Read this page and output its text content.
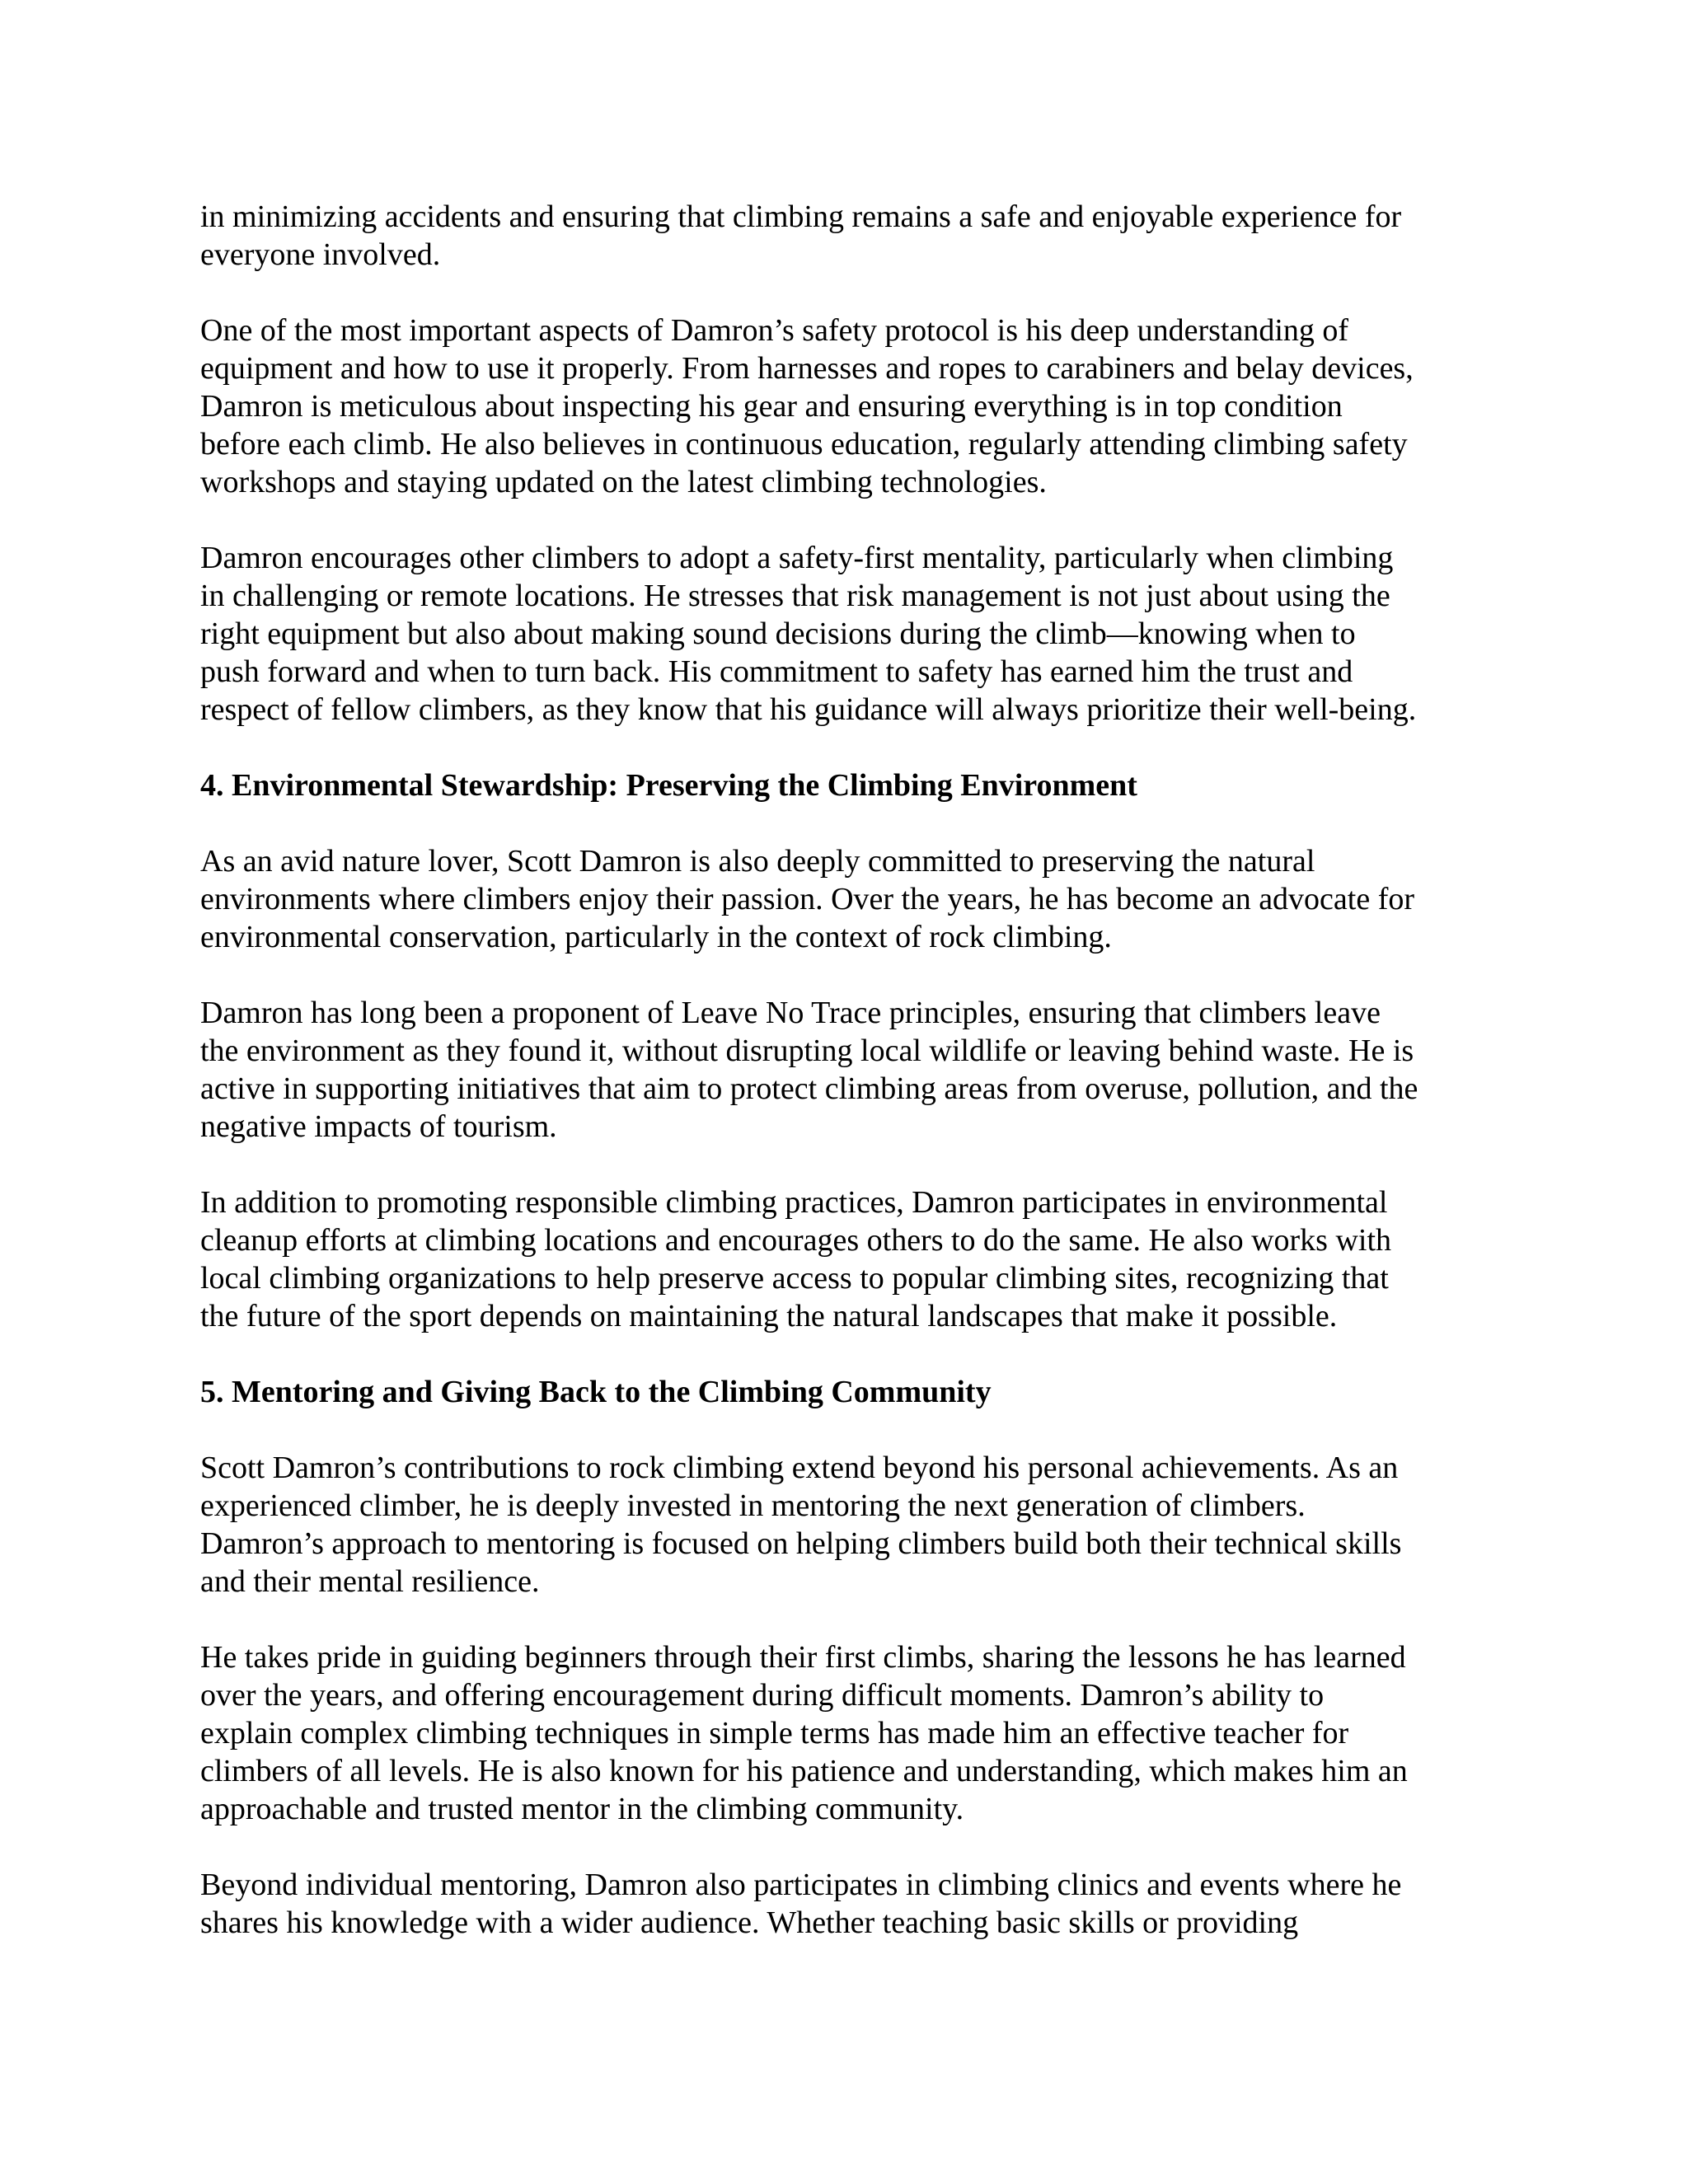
in minimizing accidents and ensuring that climbing remains a safe and enjoyable experience for
everyone involved.

One of the most important aspects of Damron’s safety protocol is his deep understanding of
equipment and how to use it properly. From harnesses and ropes to carabiners and belay devices,
Damron is meticulous about inspecting his gear and ensuring everything is in top condition
before each climb. He also believes in continuous education, regularly attending climbing safety
workshops and staying updated on the latest climbing technologies.

Damron encourages other climbers to adopt a safety-first mentality, particularly when climbing
in challenging or remote locations. He stresses that risk management is not just about using the
right equipment but also about making sound decisions during the climb—knowing when to
push forward and when to turn back. His commitment to safety has earned him the trust and
respect of fellow climbers, as they know that his guidance will always prioritize their well-being.

4. Environmental Stewardship: Preserving the Climbing Environment

As an avid nature lover, Scott Damron is also deeply committed to preserving the natural
environments where climbers enjoy their passion. Over the years, he has become an advocate for
environmental conservation, particularly in the context of rock climbing.

Damron has long been a proponent of Leave No Trace principles, ensuring that climbers leave
the environment as they found it, without disrupting local wildlife or leaving behind waste. He is
active in supporting initiatives that aim to protect climbing areas from overuse, pollution, and the
negative impacts of tourism.

In addition to promoting responsible climbing practices, Damron participates in environmental
cleanup efforts at climbing locations and encourages others to do the same. He also works with
local climbing organizations to help preserve access to popular climbing sites, recognizing that
the future of the sport depends on maintaining the natural landscapes that make it possible.

5. Mentoring and Giving Back to the Climbing Community

Scott Damron’s contributions to rock climbing extend beyond his personal achievements. As an
experienced climber, he is deeply invested in mentoring the next generation of climbers.
Damron’s approach to mentoring is focused on helping climbers build both their technical skills
and their mental resilience.

He takes pride in guiding beginners through their first climbs, sharing the lessons he has learned
over the years, and offering encouragement during difficult moments. Damron’s ability to
explain complex climbing techniques in simple terms has made him an effective teacher for
climbers of all levels. He is also known for his patience and understanding, which makes him an
approachable and trusted mentor in the climbing community.

Beyond individual mentoring, Damron also participates in climbing clinics and events where he
shares his knowledge with a wider audience. Whether teaching basic skills or providing
